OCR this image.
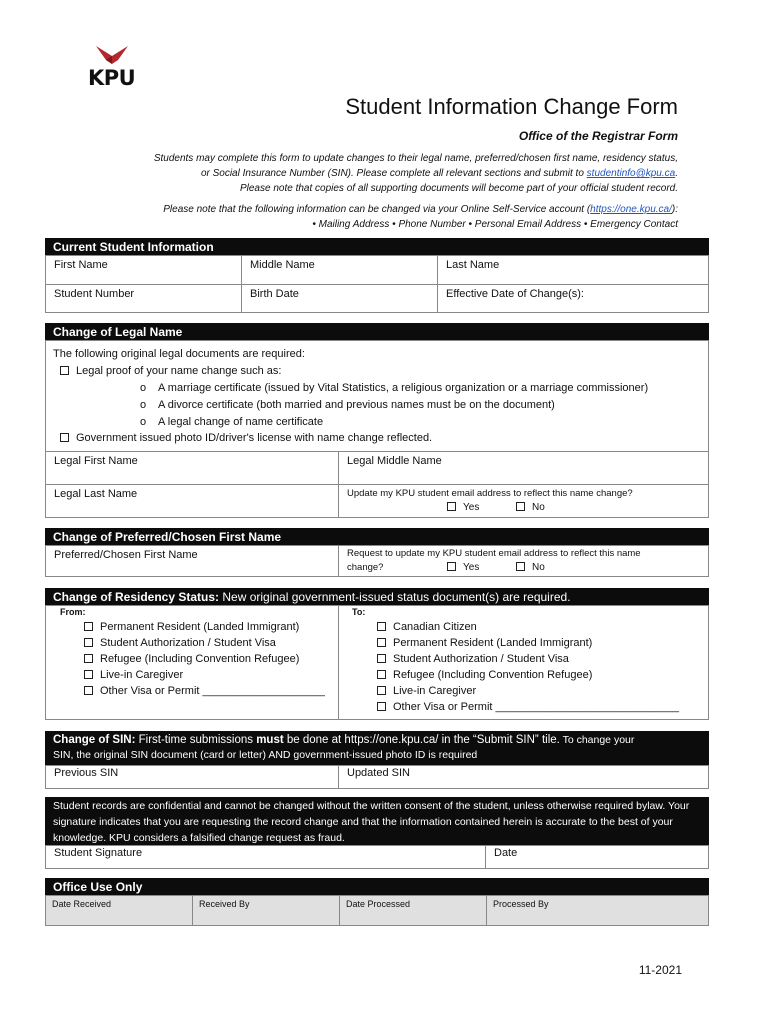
KPU
Student Information Change Form
Office of the Registrar Form
Students may complete this form to update changes to their legal name, preferred/chosen first name, residency status,
or Social Insurance Number (SIN). Please complete all relevant sections and submit to studentinfo@kpu.ca.
Please note that copies of all supporting documents will become part of your official student record.
Please note that the following information can be changed via your Online Self-Service account (https://one.kpu.ca/):
• Mailing Address • Phone Number • Personal Email Address • Emergency Contact
Current Student Information
First Name	Middle Name	Last Name
Student Number	Birth Date	Effective Date of Change(s):
Change of Legal Name
The following original legal documents are required:
Legal proof of your name change such as:
o A marriage certificate (issued by Vital Statistics, a religious organization or a marriage commissioner)
o A divorce certificate (both married and previous names must be on the document)
o A legal change of name certificate
Government issued photo ID/driver's license with name change reflected.
Legal First Name	Legal Middle Name
Legal Last Name	Update my KPU student email address to reflect this name change?
Yes	No
Change of Preferred/Chosen First Name
Preferred/Chosen First Name	Request to update my KPU student email address to reflect this name
change?	Yes	No
Change of Residency Status: New original government-issued status document(s) are required.
From:	To:
Permanent Resident (Landed Immigrant)
Student Authorization / Student Visa
Refugee (Including Convention Refugee)
Live-in Caregiver
Other Visa or Permit ____________________
Canadian Citizen
Permanent Resident (Landed Immigrant)
Student Authorization / Student Visa
Refugee (Including Convention Refugee)
Live-in Caregiver
Other Visa or Permit ______________________________
Change of SIN: First-time submissions must be done at https://one.kpu.ca/ in the “Submit SIN” tile. To change your
SIN, the original SIN document (card or letter) AND government-issued photo ID is required
Previous SIN	Updated SIN
Student records are confidential and cannot be changed without the written consent of the student, unless otherwise required bylaw. Your signature indicates that you are requesting the record change and that the information contained herein is accurate to the best of your knowledge. KPU considers a falsified change request as fraud.
Student Signature	Date
Office Use Only
Date Received	Received By	Date Processed	Processed By
11-2021
